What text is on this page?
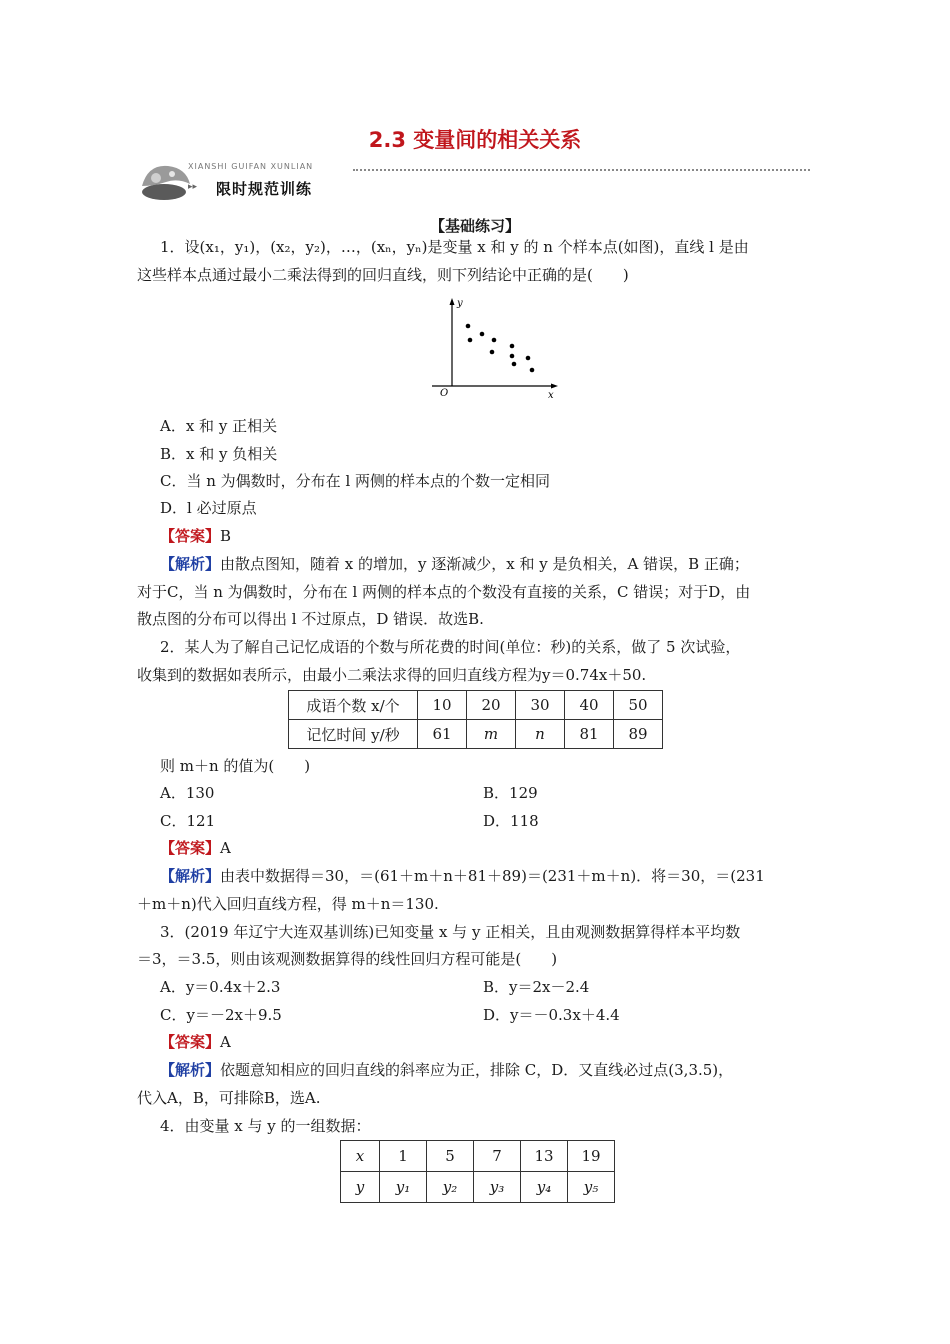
2.3 变量间的相关关系
XIANSHI GUIFAN XUNLIAN
▸▸ 限时规范训练
【基础练习】
1．设(x₁，y₁)，(x₂，y₂)，…，(xₙ，yₙ)是变量 x 和 y 的 n 个样本点(如图)，直线 l 是由
这些样本点通过最小二乘法得到的回归直线，则下列结论中正确的是(　　)
y
x
O
A．x 和 y 正相关
B．x 和 y 负相关
C．当 n 为偶数时，分布在 l 两侧的样本点的个数一定相同
D．l 必过原点
【答案】B
【解析】由散点图知，随着 x 的增加，y 逐渐减少，x 和 y 是负相关，A 错误，B 正确；
对于C，当 n 为偶数时，分布在 l 两侧的样本点的个数没有直接的关系，C 错误；对于D，由
散点图的分布可以得出 l 不过原点，D 错误．故选B.
2．某人为了解自己记忆成语的个数与所花费的时间(单位：秒)的关系，做了 5 次试验，
收集到的数据如表所示，由最小二乘法求得的回归直线方程为y＝0.74x＋50.
成语个数 x/个	10	20	30	40	50
记忆时间 y/秒	61	m	n	81	89
则 m＋n 的值为(　　)
A．130	B．129
C．121	D．118
【答案】A
【解析】由表中数据得＝30，＝(61＋m＋n＋81＋89)＝(231＋m＋n)．将＝30，＝(231
＋m＋n)代入回归直线方程，得 m＋n＝130.
3．(2019 年辽宁大连双基训练)已知变量 x 与 y 正相关，且由观测数据算得样本平均数
＝3，＝3.5，则由该观测数据算得的线性回归方程可能是(　　)
A．y＝0.4x＋2.3	B．y＝2x－2.4
C．y＝－2x＋9.5	D．y＝－0.3x＋4.4
【答案】A
【解析】依题意知相应的回归直线的斜率应为正，排除 C，D．又直线必过点(3,3.5)，
代入A，B，可排除B，选A.
4．由变量 x 与 y 的一组数据：
x	1	5	7	13	19
y	y₁	y₂	y₃	y₄	y₅
